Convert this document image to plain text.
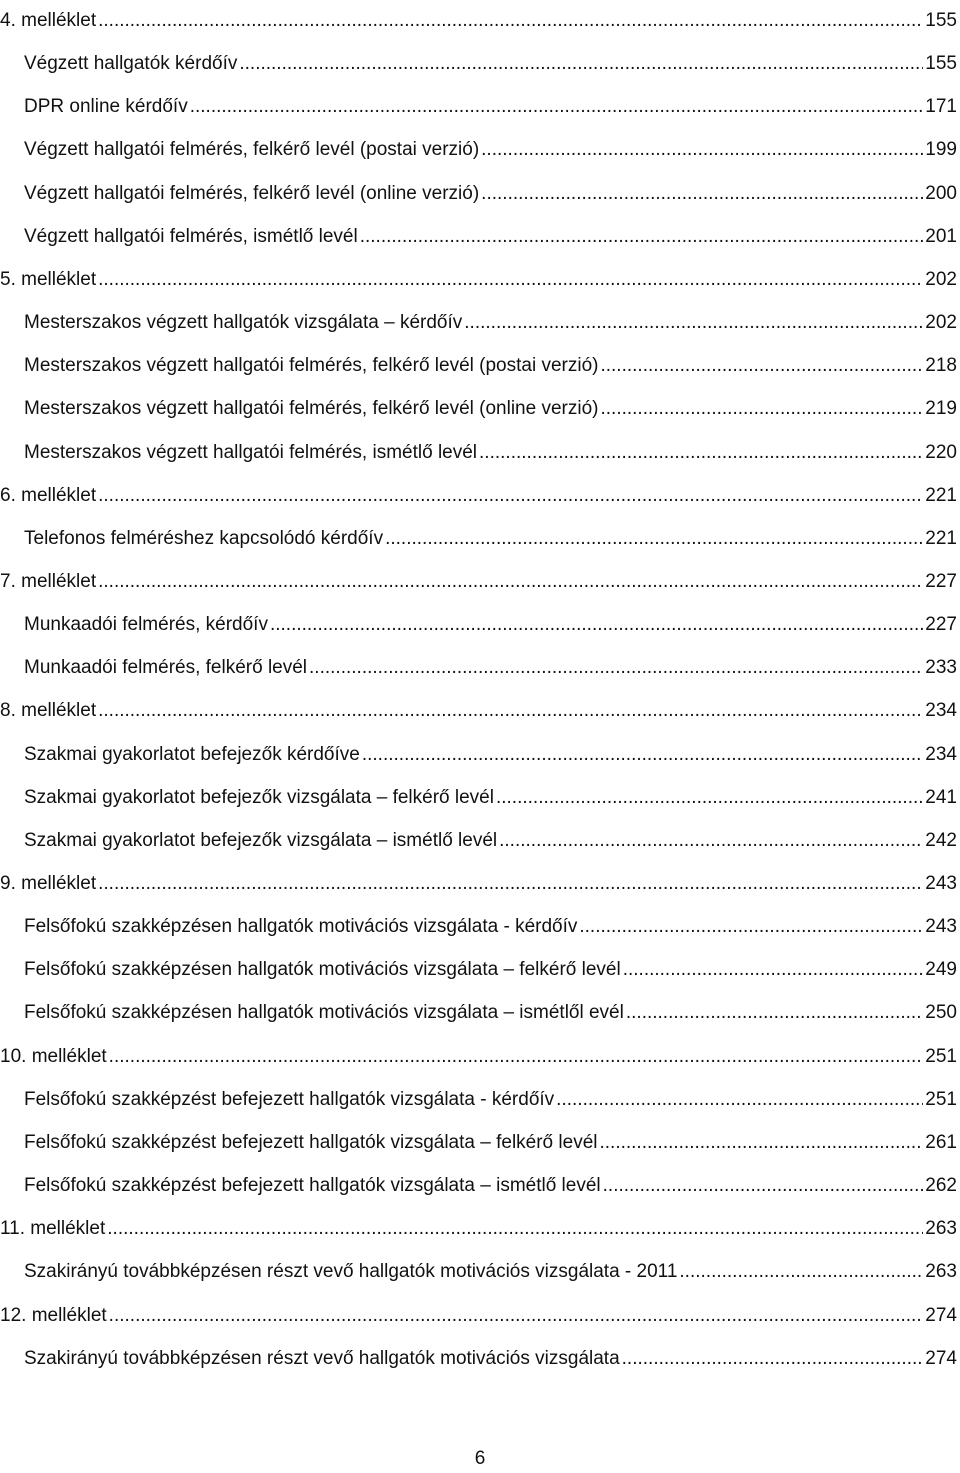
4. melléklet .....	155
Végzett hallgatók kérdőív .....	155
DPR online kérdőív .....	171
Végzett hallgatói felmérés, felkérő levél (postai verzió) .....	199
Végzett hallgatói felmérés, felkérő levél (online verzió) .....	200
Végzett hallgatói felmérés, ismétlő levél .....	201
5. melléklet .....	202
Mesterszakos végzett hallgatók vizsgálata – kérdőív .....	202
Mesterszakos végzett hallgatói felmérés, felkérő levél (postai verzió) .....	218
Mesterszakos végzett hallgatói felmérés, felkérő levél (online verzió) .....	219
Mesterszakos végzett hallgatói felmérés, ismétlő levél .....	220
6. melléklet .....	221
Telefonos felméréshez kapcsolódó kérdőív .....	221
7. melléklet .....	227
Munkaadói felmérés, kérdőív .....	227
Munkaadói felmérés, felkérő levél .....	233
8. melléklet .....	234
Szakmai gyakorlatot befejezők kérdőíve .....	234
Szakmai gyakorlatot befejezők vizsgálata – felkérő levél .....	241
Szakmai gyakorlatot befejezők vizsgálata – ismétlő levél .....	242
9. melléklet .....	243
Felsőfokú szakképzésen hallgatók motivációs vizsgálata - kérdőív .....	243
Felsőfokú szakképzésen hallgatók motivációs vizsgálata – felkérő levél .....	249
Felsőfokú szakképzésen hallgatók motivációs vizsgálata – ismétlől evél .....	250
10. melléklet .....	251
Felsőfokú szakképzést befejezett hallgatók vizsgálata - kérdőív .....	251
Felsőfokú szakképzést befejezett hallgatók vizsgálata – felkérő levél .....	261
Felsőfokú szakképzést befejezett hallgatók vizsgálata – ismétlő levél .....	262
11. melléklet .....	263
Szakirányú továbbképzésen részt vevő hallgatók motivációs vizsgálata - 2011 .....	263
12. melléklet .....	274
Szakirányú továbbképzésen részt vevő hallgatók motivációs vizsgálata .....	274
6
